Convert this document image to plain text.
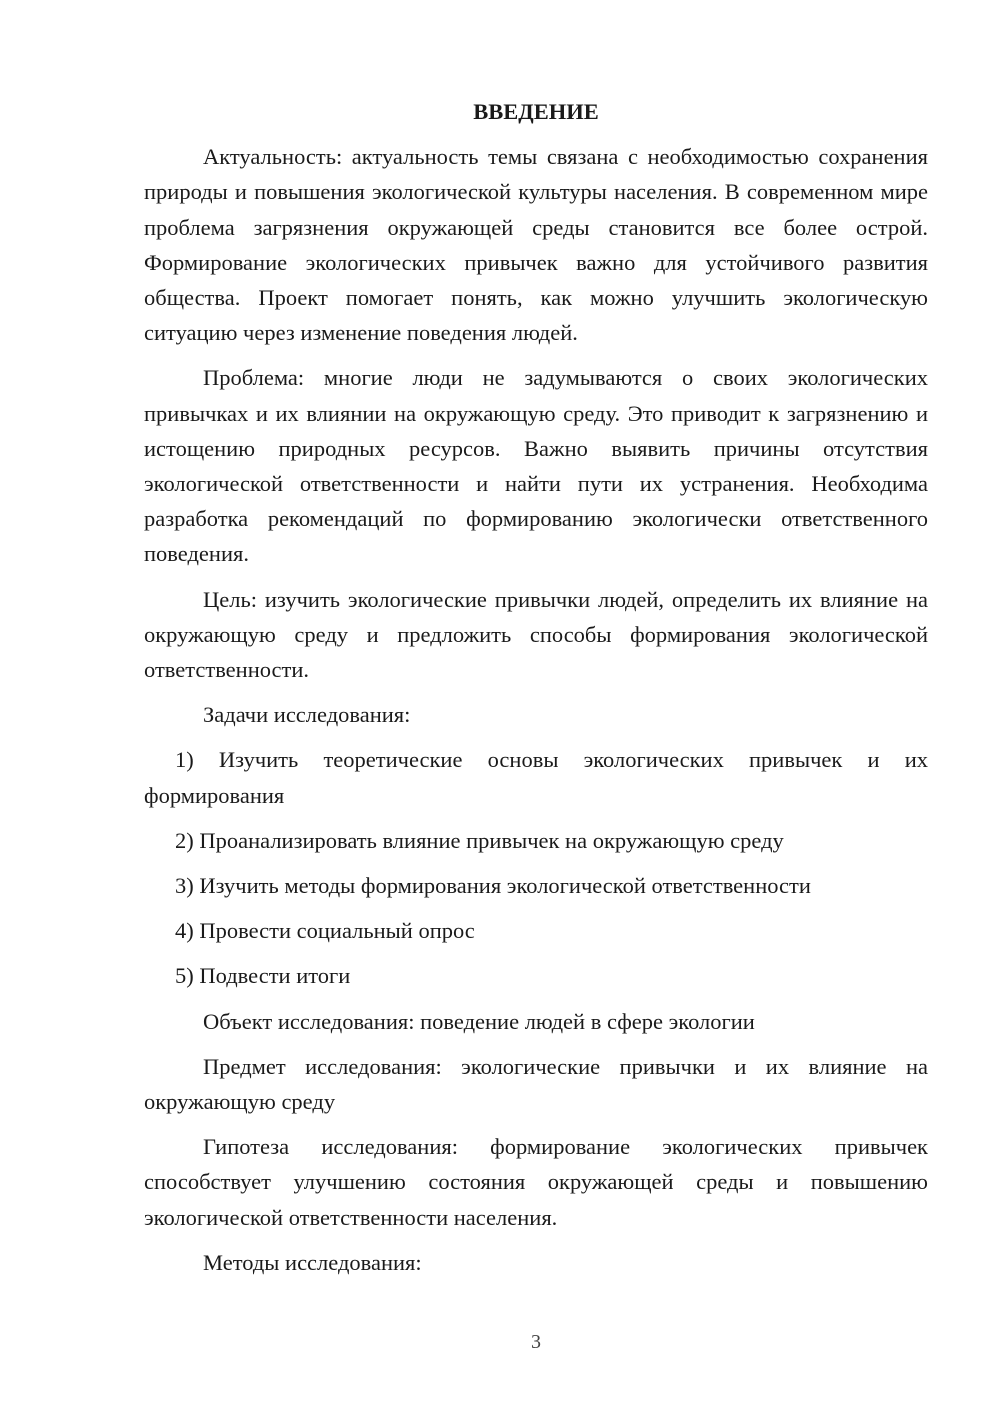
ВВЕДЕНИЕ

Актуальность: актуальность темы связана с необходимостью сохранения природы и повышения экологической культуры населения. В современном мире проблема загрязнения окружающей среды становится все более острой. Формирование экологических привычек важно для устойчивого развития общества. Проект помогает понять, как можно улучшить экологическую ситуацию через изменение поведения людей.

Проблема: многие люди не задумываются о своих экологических привычках и их влиянии на окружающую среду. Это приводит к загрязнению и истощению природных ресурсов. Важно выявить причины отсутствия экологической ответственности и найти пути их устранения. Необходима разработка рекомендаций по формированию экологически ответственного поведения.

Цель: изучить экологические привычки людей, определить их влияние на окружающую среду и предложить способы формирования экологической ответственности.

Задачи исследования:

1) Изучить теоретические основы экологических привычек и их формирования

2) Проанализировать влияние привычек на окружающую среду

3) Изучить методы формирования экологической ответственности

4) Провести социальный опрос

5) Подвести итоги

Объект исследования: поведение людей в сфере экологии

Предмет исследования: экологические привычки и их влияние на окружающую среду

Гипотеза исследования: формирование экологических привычек способствует улучшению состояния окружающей среды и повышению экологической ответственности населения.

Методы исследования:

3
